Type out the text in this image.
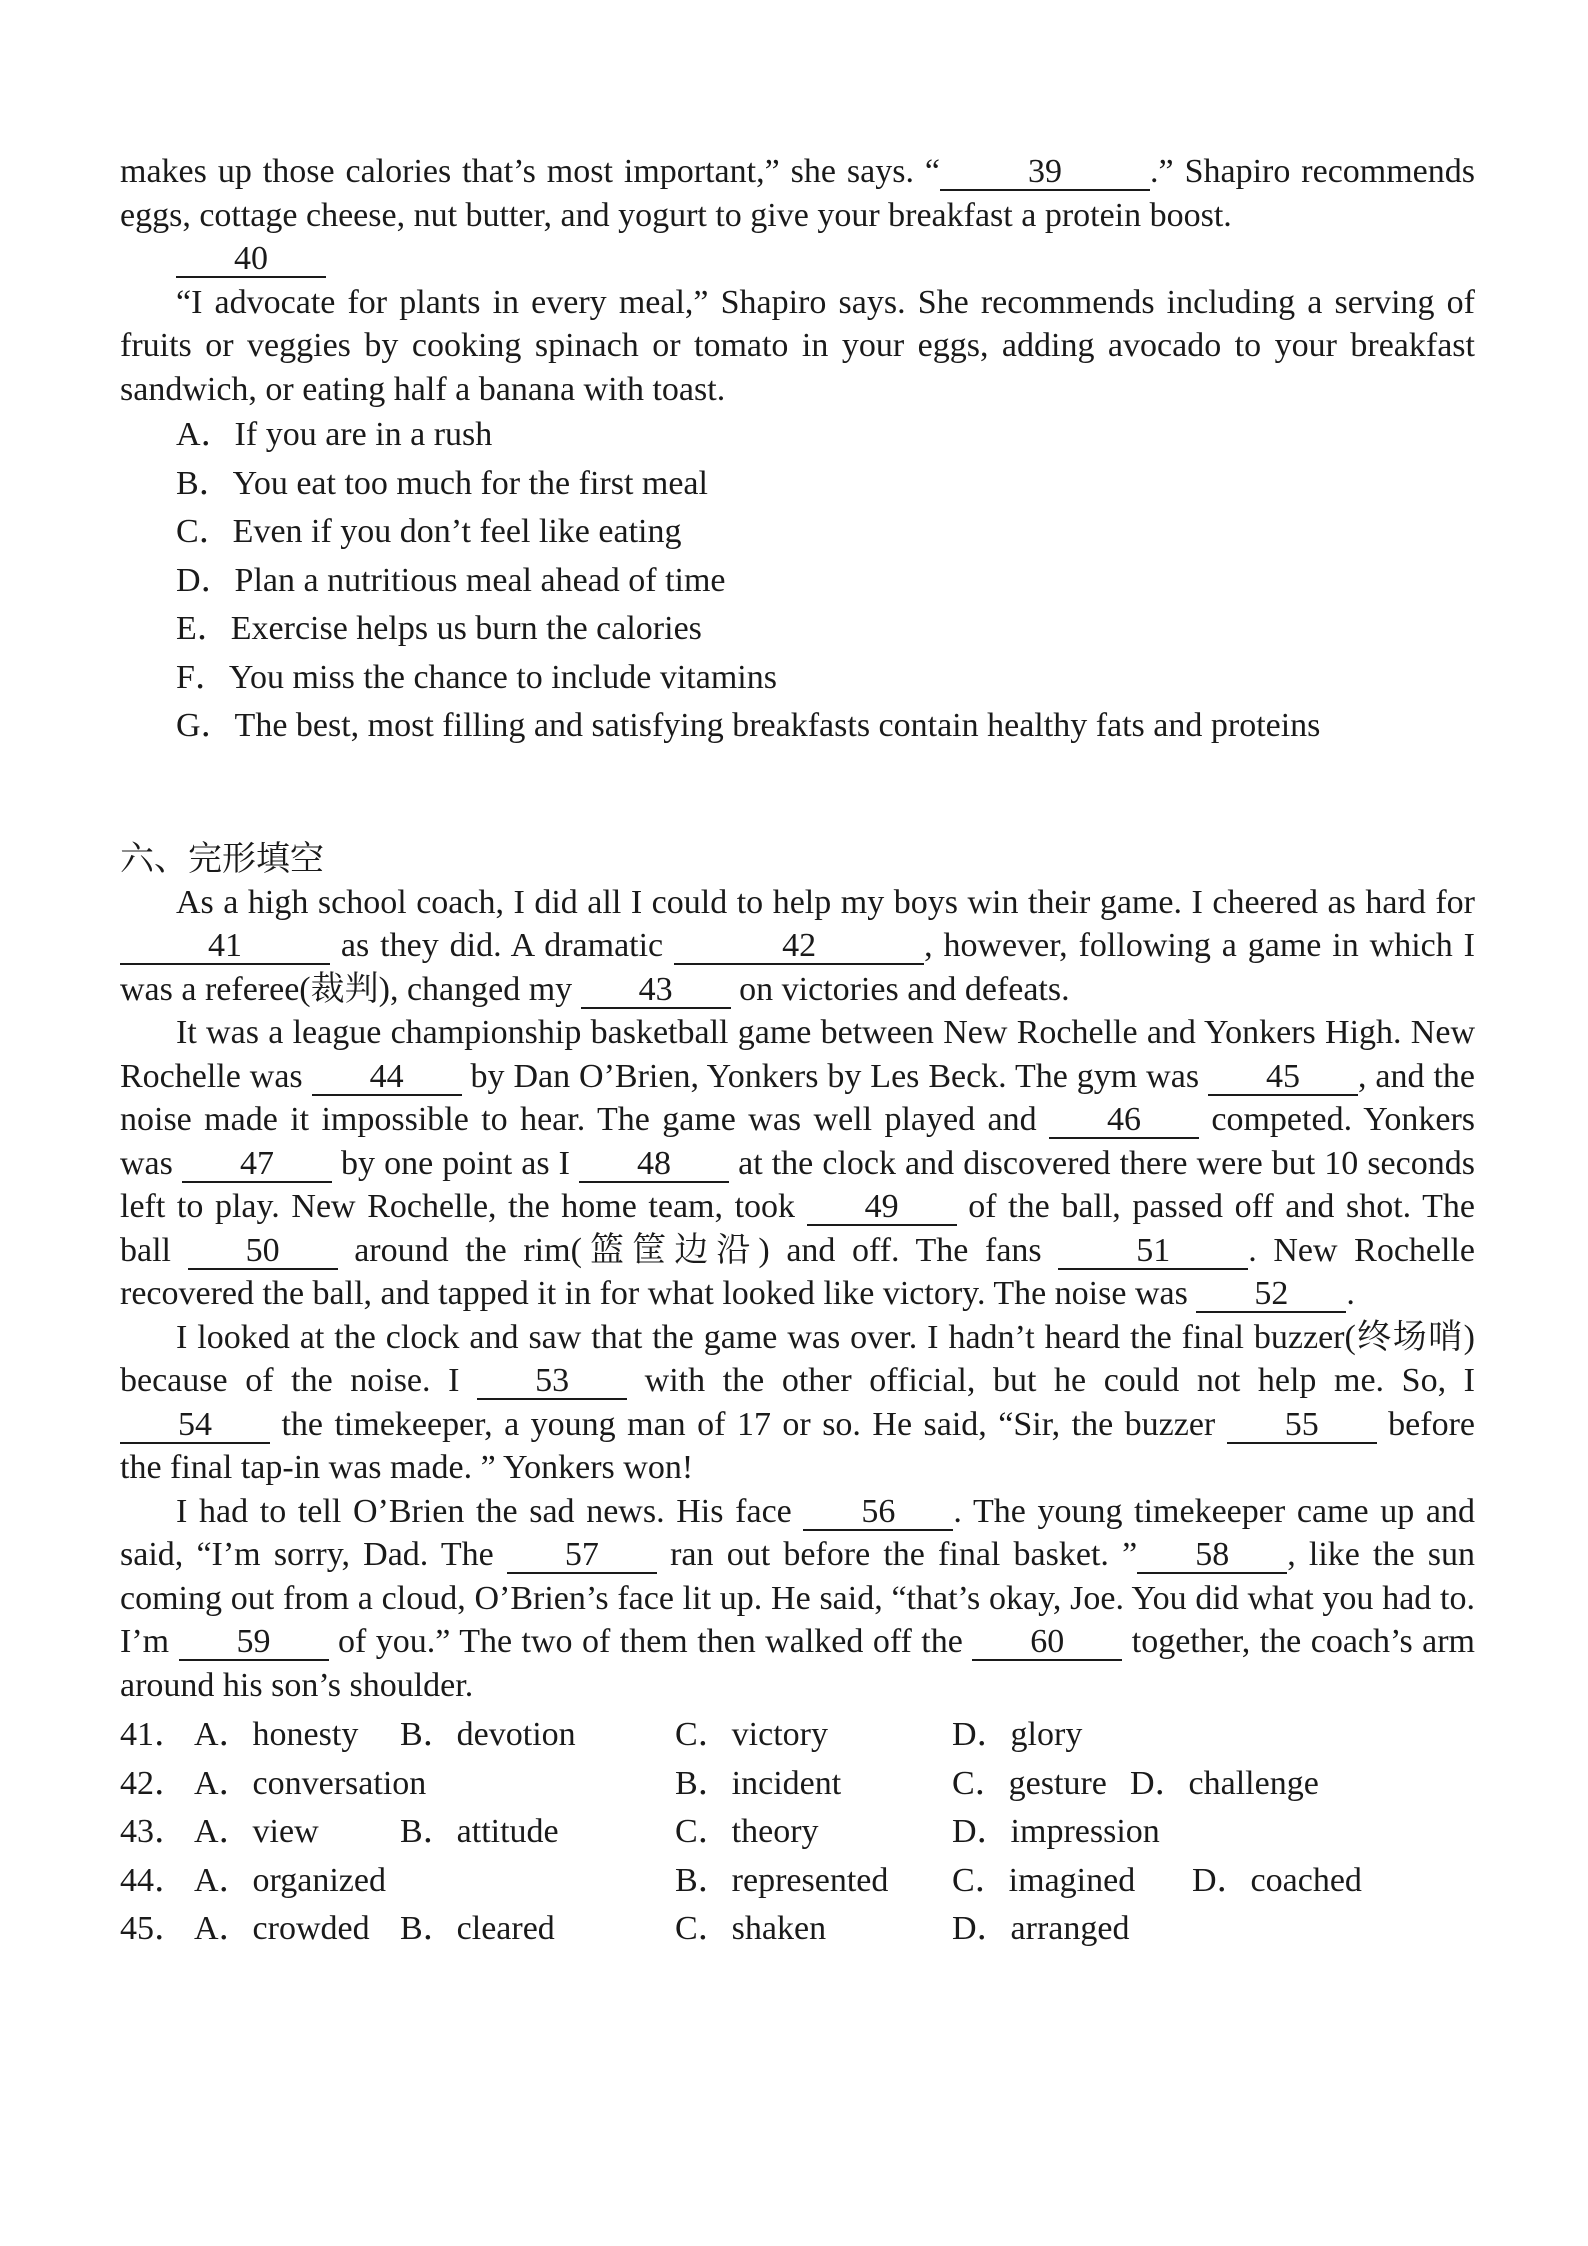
makes up those calories that’s most important,” she says. “	39	.” Shapiro recommends eggs, cottage cheese, nut butter, and yogurt to give your breakfast a protein boost.

40

“I advocate for plants in every meal,” Shapiro says. She recommends including a serving of fruits or veggies by cooking spinach or tomato in your eggs, adding avocado to your breakfast sandwich, or eating half a banana with toast.

A．If you are in a rush
B．You eat too much for the first meal
C．Even if you don’t feel like eating
D．Plan a nutritious meal ahead of time
E．Exercise helps us burn the calories
F．You miss the chance to include vitamins
G．The best, most filling and satisfying breakfasts contain healthy fats and proteins
六、完形填空

As a high school coach, I did all I could to help my boys win their game. I cheered as hard for 41	as they did. A dramatic	42	, however, following a game in which I was a referee(裁判), changed my 43 on victories and defeats.

It was a league championship basketball game between New Rochelle and Yonkers High. New Rochelle was 44 by Dan O’Brien, Yonkers by Les Beck. The gym was 45 , and the noise made it impossible to hear. The game was well played and 46 competed. Yonkers was 47 by one point as I 48 at the clock and discovered there were but 10 seconds left to play. New Rochelle, the home team, took 49 of the ball, passed off and shot. The ball 50 around the rim(篮筐边沿) and off. The fans 51 . New Rochelle recovered the ball, and tapped it in for what looked like victory. The noise was 52 .

I looked at the clock and saw that the game was over. I hadn’t heard the final buzzer(终场哨) because of the noise. I 53 with the other official, but he could not help me. So, I 54 the timekeeper, a young man of 17 or so. He said, “Sir, the buzzer 55 before the final tap-in was made. ” Yonkers won!

I had to tell O’Brien the sad news. His face 56 . The young timekeeper came up and said, “I’m sorry, Dad. The 57 ran out before the final basket. ” 58 , like the sun coming out from a cloud, O’Brien’s face lit up. He said, “that’s okay, Joe. You did what you had to. I’m 59 of you.” The two of them then walked off the 60 together, the coach’s arm around his son’s shoulder.

41． A．honesty B．devotion	C．victory	D．glory
42． A．conversation	B．incident	C．gesture D．challenge
43． A．view B．attitude	C．theory	D．impression
44． A．organized	B．represented C．imagined D．coached
45． A．crowded B．cleared	C．shaken	D．arranged
